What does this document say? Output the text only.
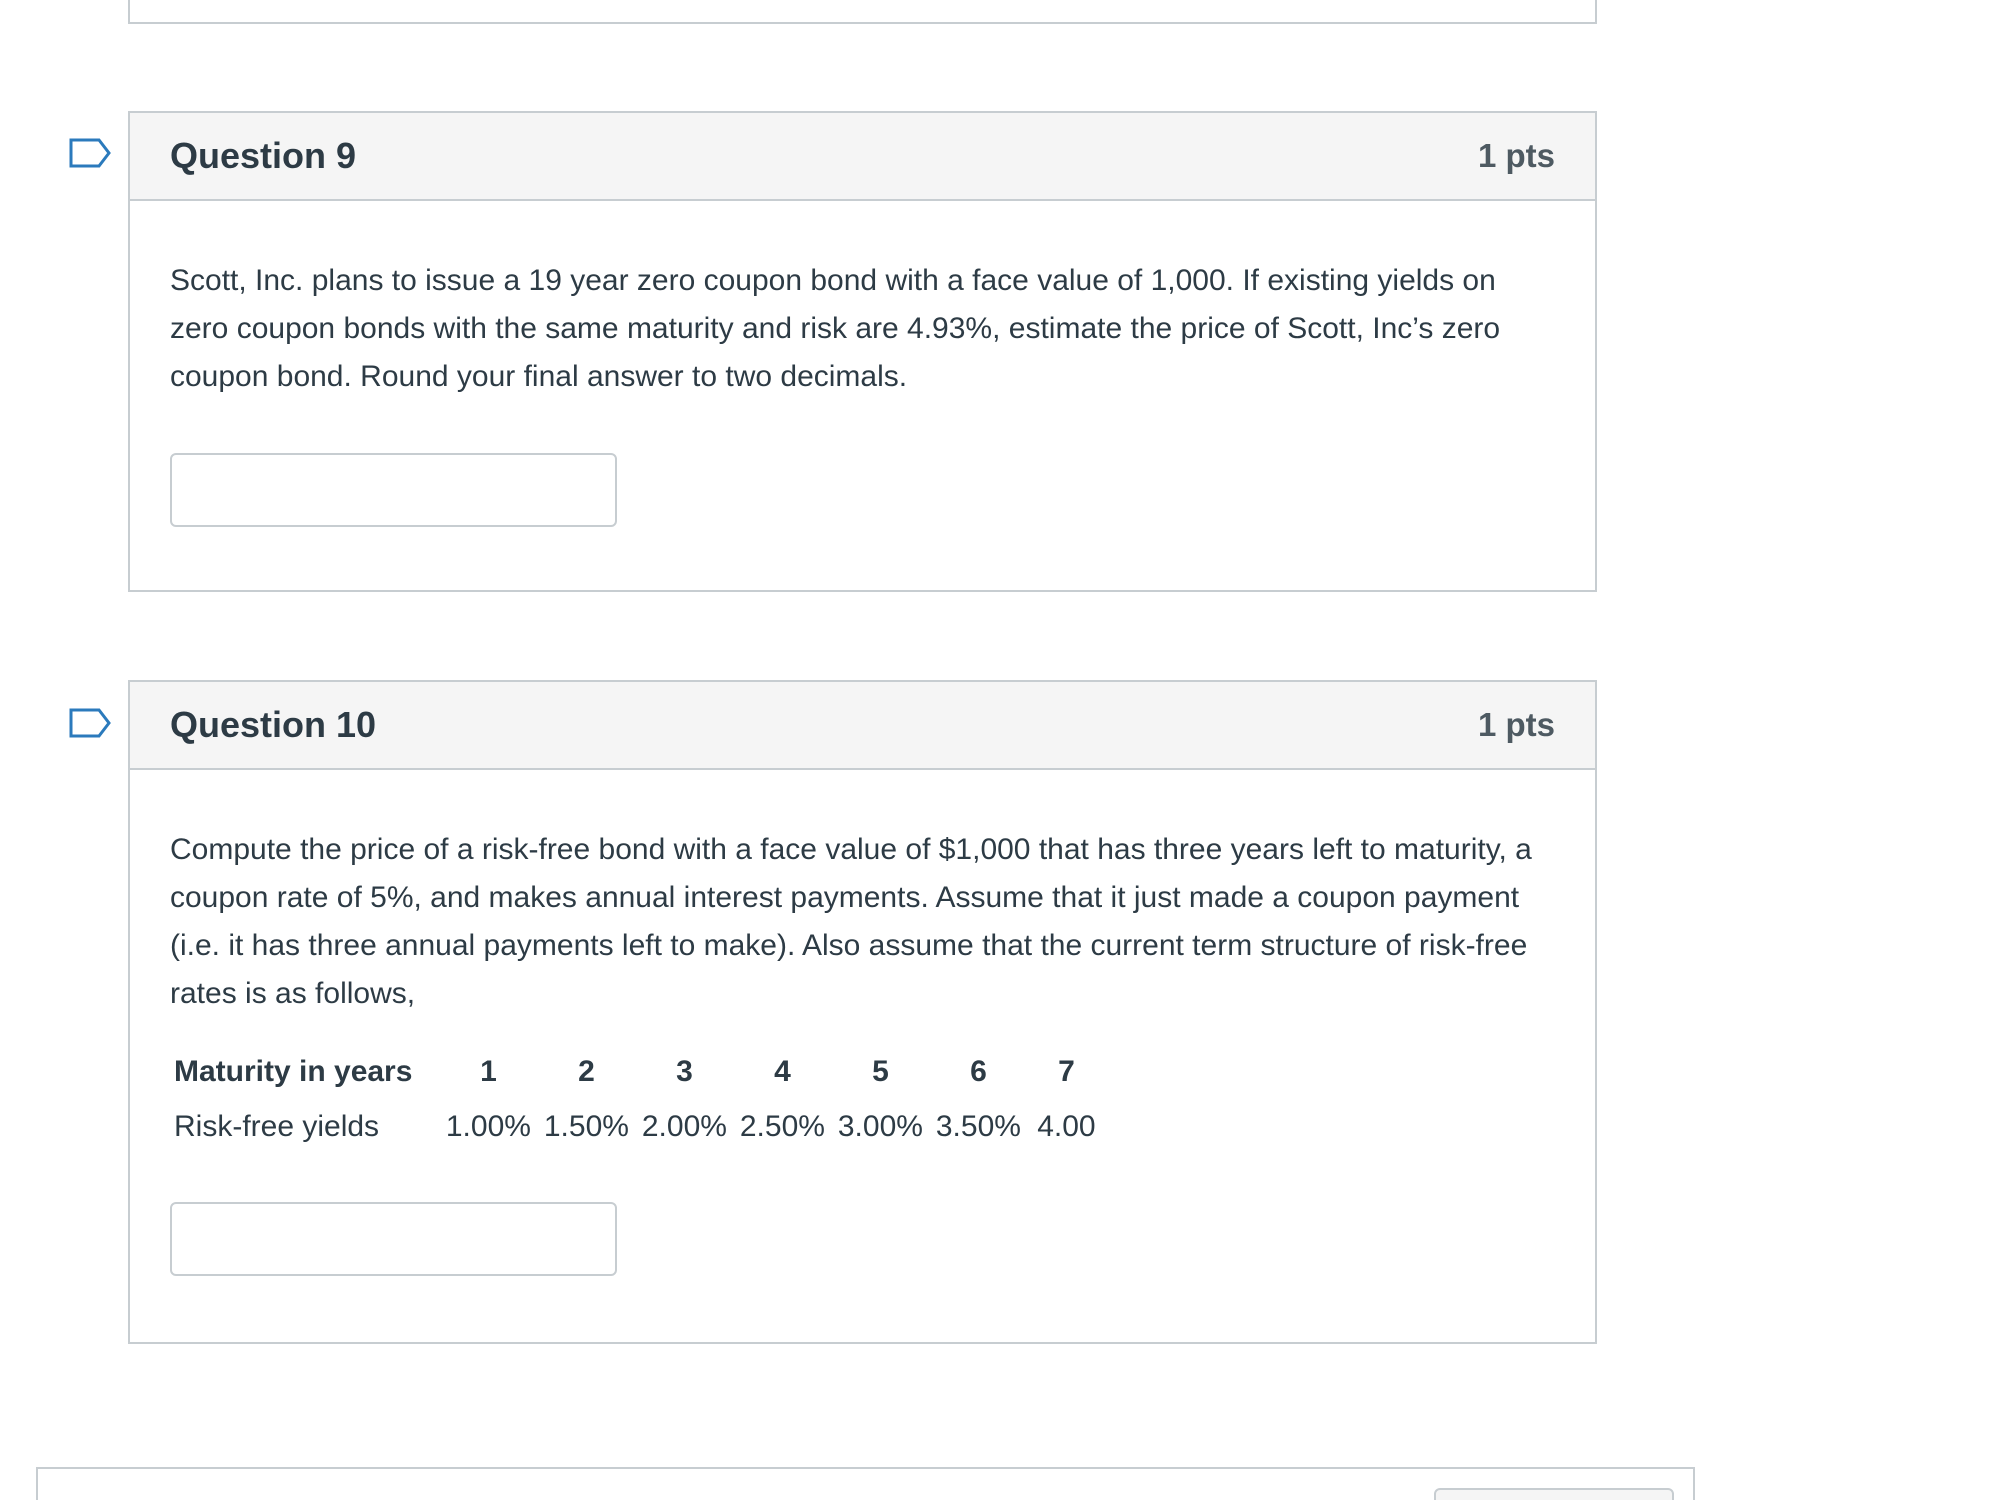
Question 9	1 pts

Scott, Inc. plans to issue a 19 year zero coupon bond with a face value of 1,000. If existing yields on zero coupon bonds with the same maturity and risk are 4.93%, estimate the price of Scott, Inc’s zero coupon bond. Round your final answer to two decimals.

Question 10	1 pts

Compute the price of a risk-free bond with a face value of $1,000 that has three years left to maturity, a coupon rate of 5%, and makes annual interest payments. Assume that it just made a coupon payment (i.e. it has three annual payments left to make). Also assume that the current term structure of risk-free rates is as follows,

Maturity in years	1	2	3	4	5	6	7
Risk-free yields	1.00%	1.50%	2.00%	2.50%	3.00%	3.50%	4.00
